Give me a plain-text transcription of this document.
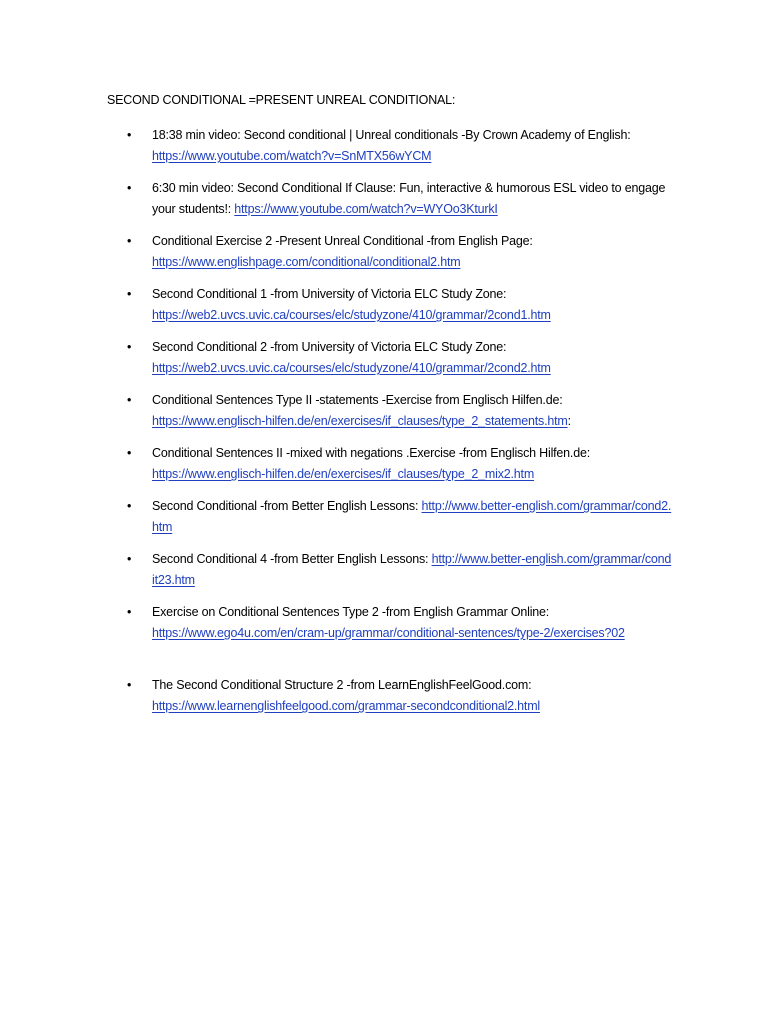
SECOND CONDITIONAL =PRESENT UNREAL CONDITIONAL:
• 18:38 min video: Second conditional | Unreal conditionals -By Crown Academy of English:
https://www.youtube.com/watch?v=SnMTX56wYCM
• 6:30 min video: Second Conditional If Clause: Fun, interactive & humorous ESL video to engage your students!: https://www.youtube.com/watch?v=WYOo3KturkI
• Conditional Exercise 2 -Present Unreal Conditional -from English Page:
https://www.englishpage.com/conditional/conditional2.htm
• Second Conditional 1 -from University of Victoria ELC Study Zone:
https://web2.uvcs.uvic.ca/courses/elc/studyzone/410/grammar/2cond1.htm
• Second Conditional 2 -from University of Victoria ELC Study Zone:
https://web2.uvcs.uvic.ca/courses/elc/studyzone/410/grammar/2cond2.htm
• Conditional Sentences Type II -statements -Exercise from Englisch Hilfen.de:
https://www.englisch-hilfen.de/en/exercises/if_clauses/type_2_statements.htm:
• Conditional Sentences II -mixed with negations .Exercise -from Englisch Hilfen.de:
https://www.englisch-hilfen.de/en/exercises/if_clauses/type_2_mix2.htm
• Second Conditional -from Better English Lessons: http://www.better-english.com/grammar/cond2.htm
• Second Conditional 4 -from Better English Lessons: http://www.better-english.com/grammar/condit23.htm
• Exercise on Conditional Sentences Type 2 -from English Grammar Online:
https://www.ego4u.com/en/cram-up/grammar/conditional-sentences/type-2/exercises?02
• The Second Conditional Structure 2 -from LearnEnglishFeelGood.com:
https://www.learnenglishfeelgood.com/grammar-secondconditional2.html
